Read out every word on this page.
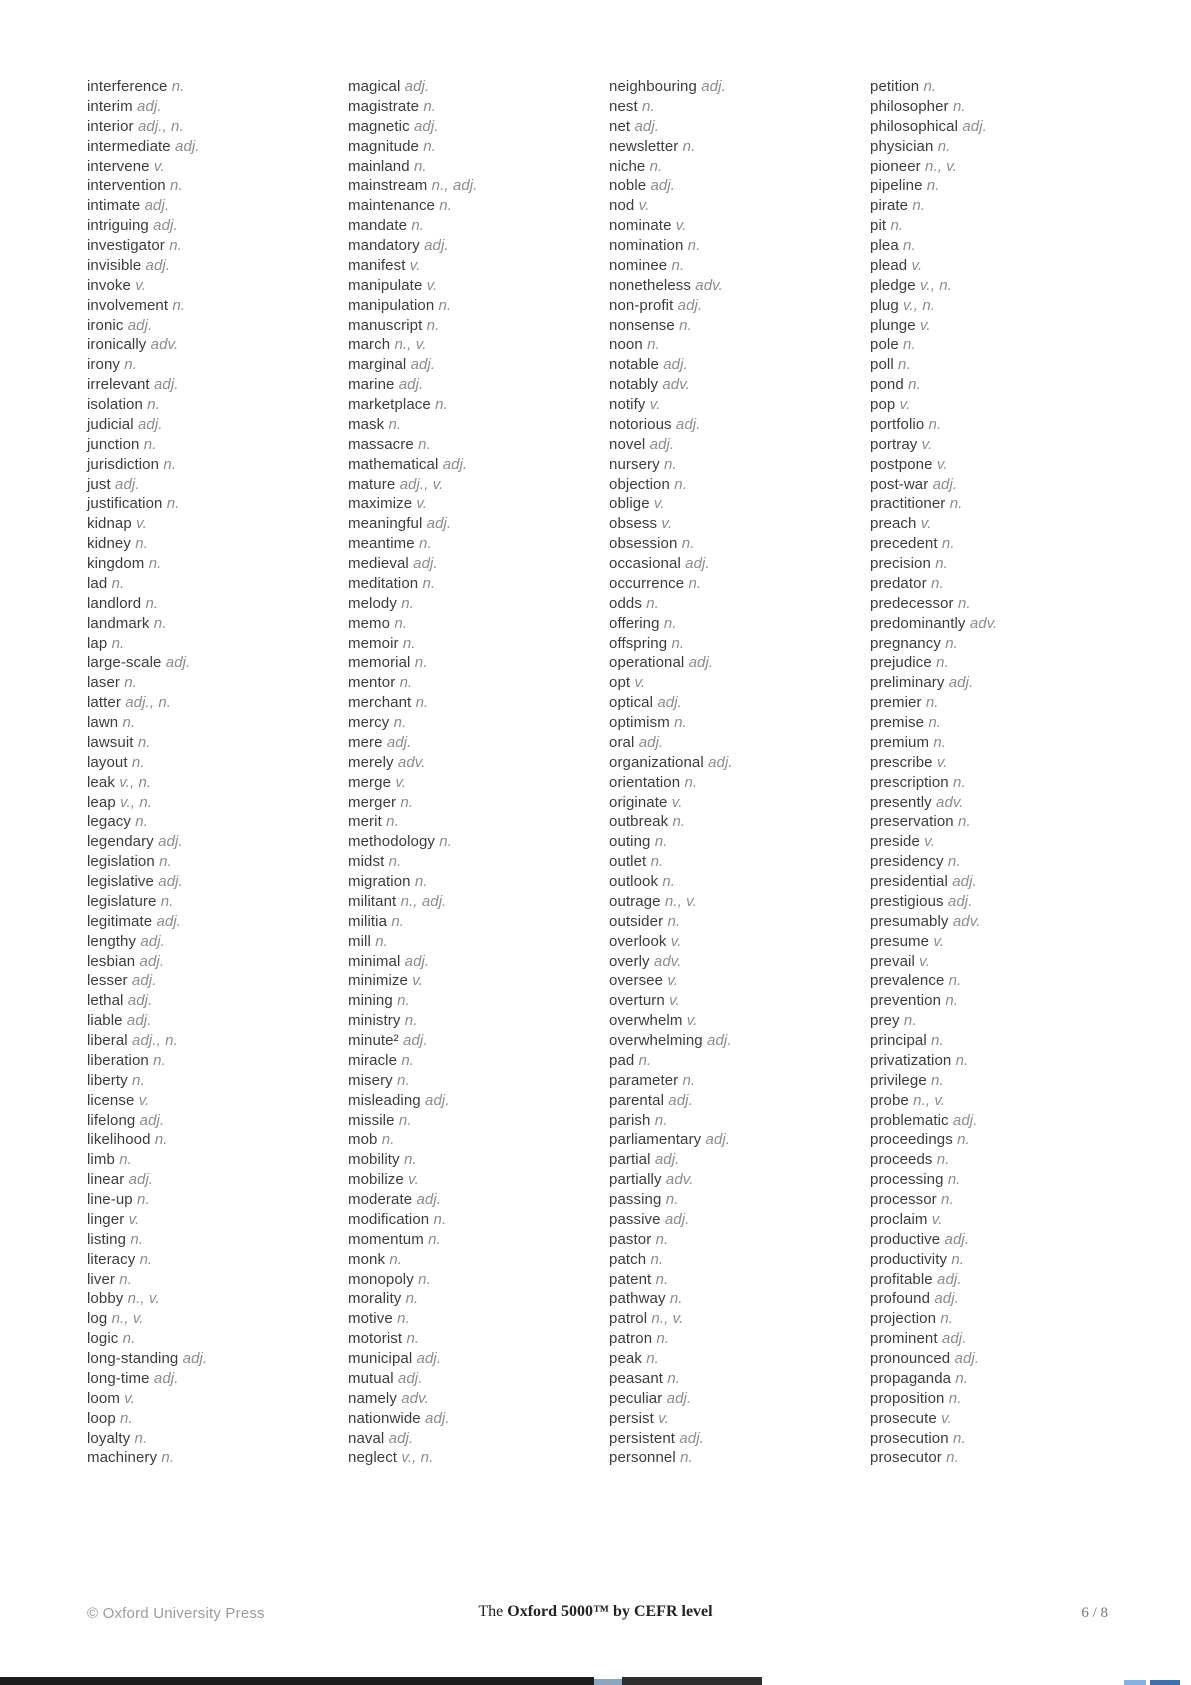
interference n.
interim adj.
interior adj., n.
intermediate adj.
intervene v.
intervention n.
intimate adj.
intriguing adj.
investigator n.
invisible adj.
invoke v.
involvement n.
ironic adj.
ironically adv.
irony n.
irrelevant adj.
isolation n.
judicial adj.
junction n.
jurisdiction n.
just adj.
justification n.
kidnap v.
kidney n.
kingdom n.
lad n.
landlord n.
landmark n.
lap n.
large-scale adj.
laser n.
latter adj., n.
lawn n.
lawsuit n.
layout n.
leak v., n.
leap v., n.
legacy n.
legendary adj.
legislation n.
legislative adj.
legislature n.
legitimate adj.
lengthy adj.
lesbian adj.
lesser adj.
lethal adj.
liable adj.
liberal adj., n.
liberation n.
liberty n.
license v.
lifelong adj.
likelihood n.
limb n.
linear adj.
line-up n.
linger v.
listing n.
literacy n.
liver n.
lobby n., v.
log n., v.
logic n.
long-standing adj.
long-time adj.
loom v.
loop n.
loyalty n.
machinery n.
magical adj.
magistrate n.
magnetic adj.
magnitude n.
mainland n.
mainstream n., adj.
maintenance n.
mandate n.
mandatory adj.
manifest v.
manipulate v.
manipulation n.
manuscript n.
march n., v.
marginal adj.
marine adj.
marketplace n.
mask n.
massacre n.
mathematical adj.
mature adj., v.
maximize v.
meaningful adj.
meantime n.
medieval adj.
meditation n.
melody n.
memo n.
memoir n.
memorial n.
mentor n.
merchant n.
mercy n.
mere adj.
merely adv.
merge v.
merger n.
merit n.
methodology n.
midst n.
migration n.
militant n., adj.
militia n.
mill n.
minimal adj.
minimize v.
mining n.
ministry n.
minute² adj.
miracle n.
misery n.
misleading adj.
missile n.
mob n.
mobility n.
mobilize v.
moderate adj.
modification n.
momentum n.
monk n.
monopoly n.
morality n.
motive n.
motorist n.
municipal adj.
mutual adj.
namely adv.
nationwide adj.
naval adj.
neglect v., n.
neighbouring adj.
nest n.
net adj.
newsletter n.
niche n.
noble adj.
nod v.
nominate v.
nomination n.
nominee n.
nonetheless adv.
non-profit adj.
nonsense n.
noon n.
notable adj.
notably adv.
notify v.
notorious adj.
novel adj.
nursery n.
objection n.
oblige v.
obsess v.
obsession n.
occasional adj.
occurrence n.
odds n.
offering n.
offspring n.
operational adj.
opt v.
optical adj.
optimism n.
oral adj.
organizational adj.
orientation n.
originate v.
outbreak n.
outing n.
outlet n.
outlook n.
outrage n., v.
outsider n.
overlook v.
overly adv.
oversee v.
overturn v.
overwhelm v.
overwhelming adj.
pad n.
parameter n.
parental adj.
parish n.
parliamentary adj.
partial adj.
partially adv.
passing n.
passive adj.
pastor n.
patch n.
patent n.
pathway n.
patrol n., v.
patron n.
peak n.
peasant n.
peculiar adj.
persist v.
persistent adj.
personnel n.
petition n.
philosopher n.
philosophical adj.
physician n.
pioneer n., v.
pipeline n.
pirate n.
pit n.
plea n.
plead v.
pledge v., n.
plug v., n.
plunge v.
pole n.
poll n.
pond n.
pop v.
portfolio n.
portray v.
postpone v.
post-war adj.
practitioner n.
preach v.
precedent n.
precision n.
predator n.
predecessor n.
predominantly adv.
pregnancy n.
prejudice n.
preliminary adj.
premier n.
premise n.
premium n.
prescribe v.
prescription n.
presently adv.
preservation n.
preside v.
presidency n.
presidential adj.
prestigious adj.
presumably adv.
presume v.
prevail v.
prevalence n.
prevention n.
prey n.
principal n.
privatization n.
privilege n.
probe n., v.
problematic adj.
proceedings n.
proceeds n.
processing n.
processor n.
proclaim v.
productive adj.
productivity n.
profitable adj.
profound adj.
projection n.
prominent adj.
pronounced adj.
propaganda n.
proposition n.
prosecute v.
prosecution n.
prosecutor n.
© Oxford University Press	The Oxford 5000™ by CEFR level	6 / 8
